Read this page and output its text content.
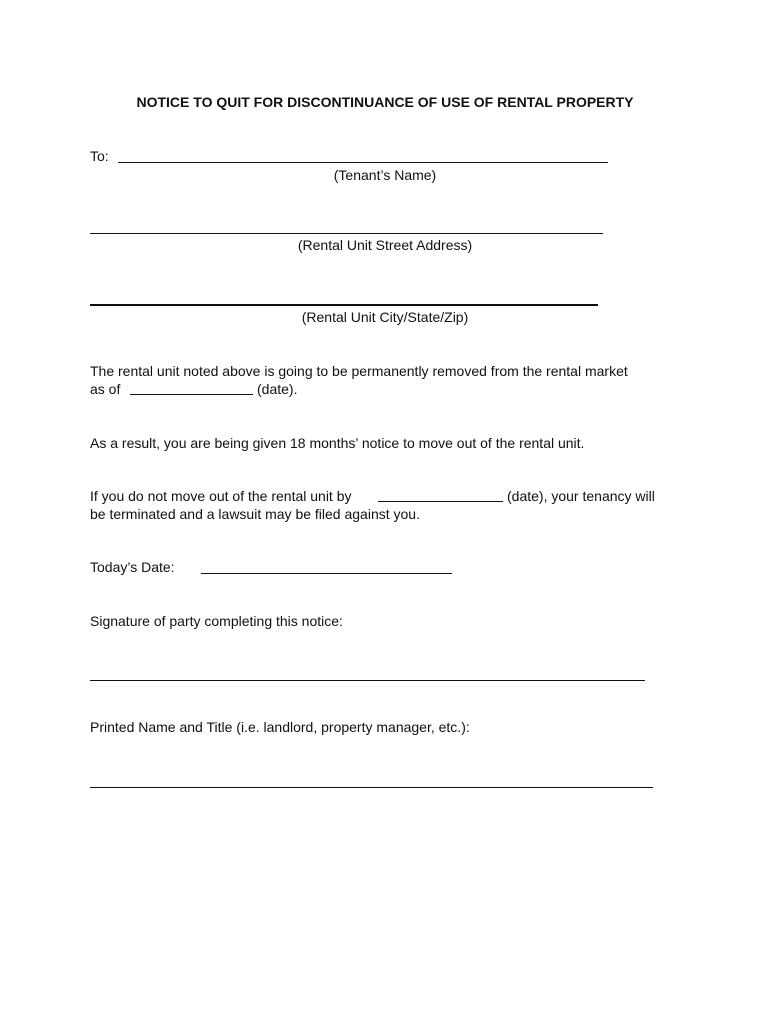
NOTICE TO QUIT FOR DISCONTINUANCE OF USE OF RENTAL PROPERTY
To:
(Tenant’s Name)
(Rental Unit Street Address)
(Rental Unit City/State/Zip)
The rental unit noted above is going to be permanently removed from the rental market
as of	(date).
As a result, you are being given 18 months’ notice to move out of the rental unit.
If you do not move out of the rental unit by	(date), your tenancy will
be terminated and a lawsuit may be filed against you.
Today’s Date:
Signature of party completing this notice:
Printed Name and Title (i.e. landlord, property manager, etc.):
